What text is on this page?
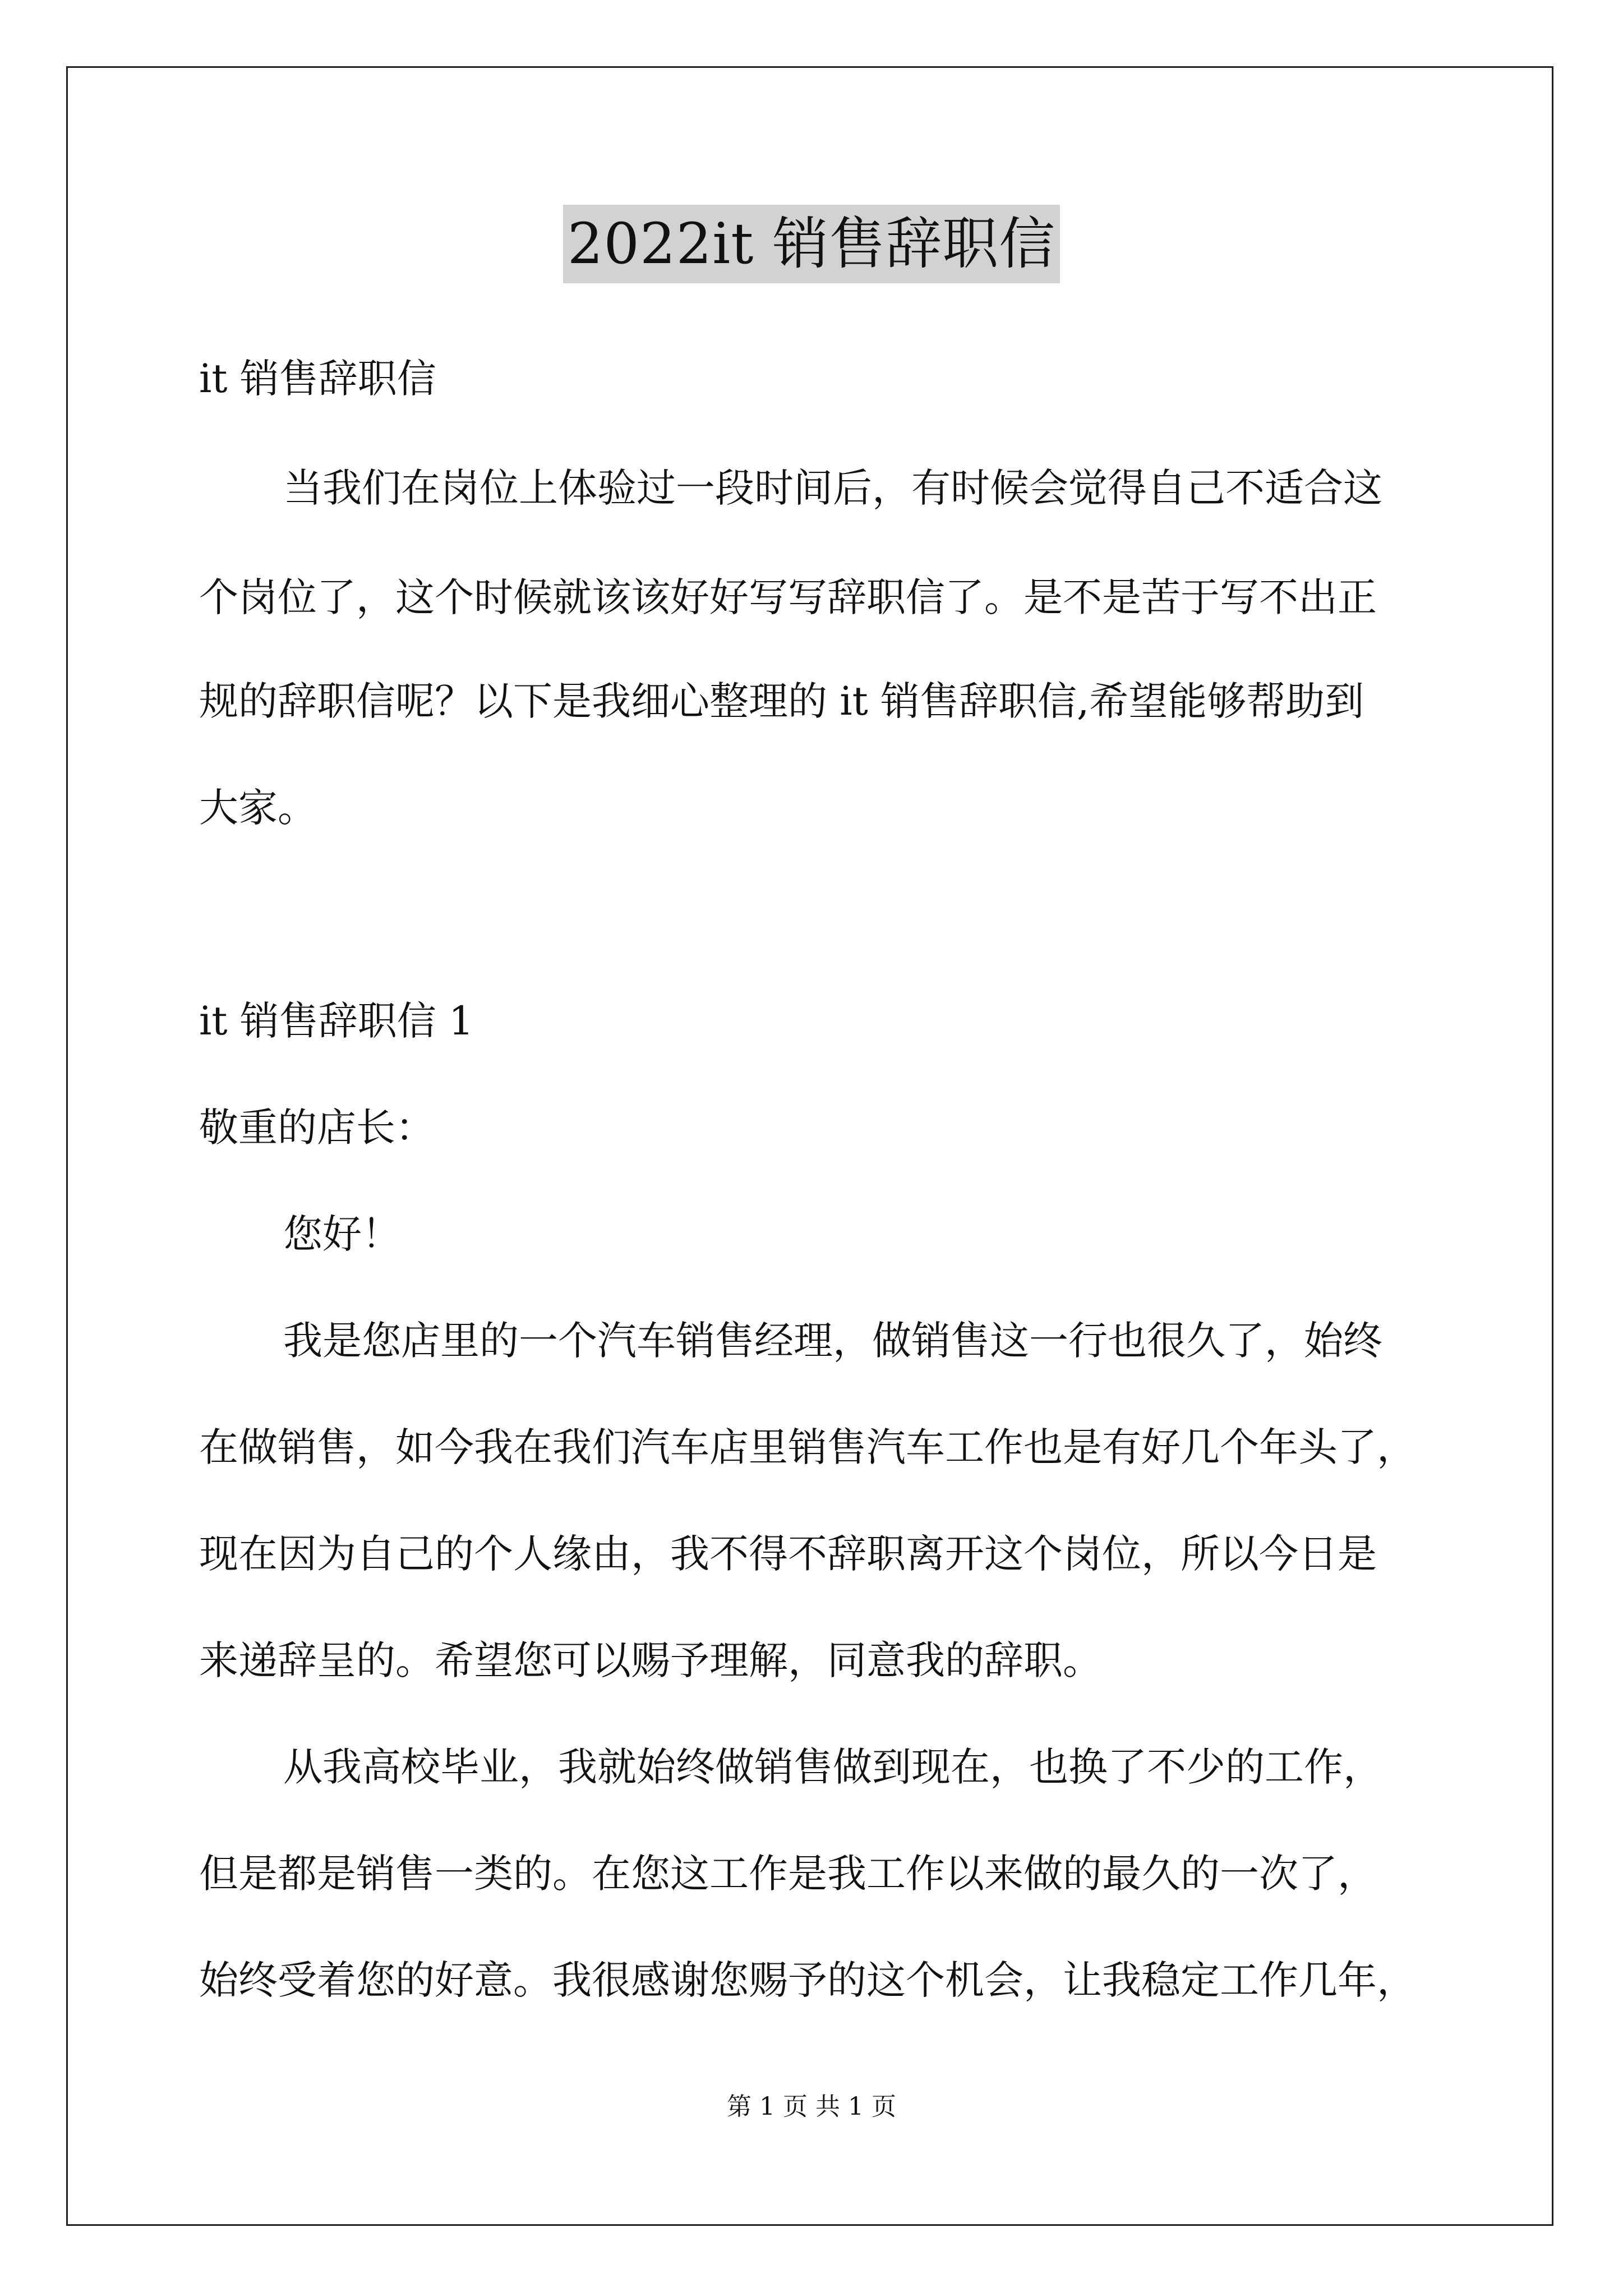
2022it 销售辞职信
it 销售辞职信
当我们在岗位上体验过一段时间后，有时候会觉得自己不适合这
个岗位了，这个时候就该该好好写写辞职信了。是不是苦于写不出正
规的辞职信呢？以下是我细心整理的 it 销售辞职信,希望能够帮助到
大家。
it 销售辞职信 1
敬重的店长：
您好！
我是您店里的一个汽车销售经理，做销售这一行也很久了，始终
在做销售，如今我在我们汽车店里销售汽车工作也是有好几个年头了，
现在因为自己的个人缘由，我不得不辞职离开这个岗位，所以今日是
来递辞呈的。希望您可以赐予理解，同意我的辞职。
从我高校毕业，我就始终做销售做到现在，也换了不少的工作，
但是都是销售一类的。在您这工作是我工作以来做的最久的一次了，
始终受着您的好意。我很感谢您赐予的这个机会，让我稳定工作几年，
第 1 页 共 1 页
